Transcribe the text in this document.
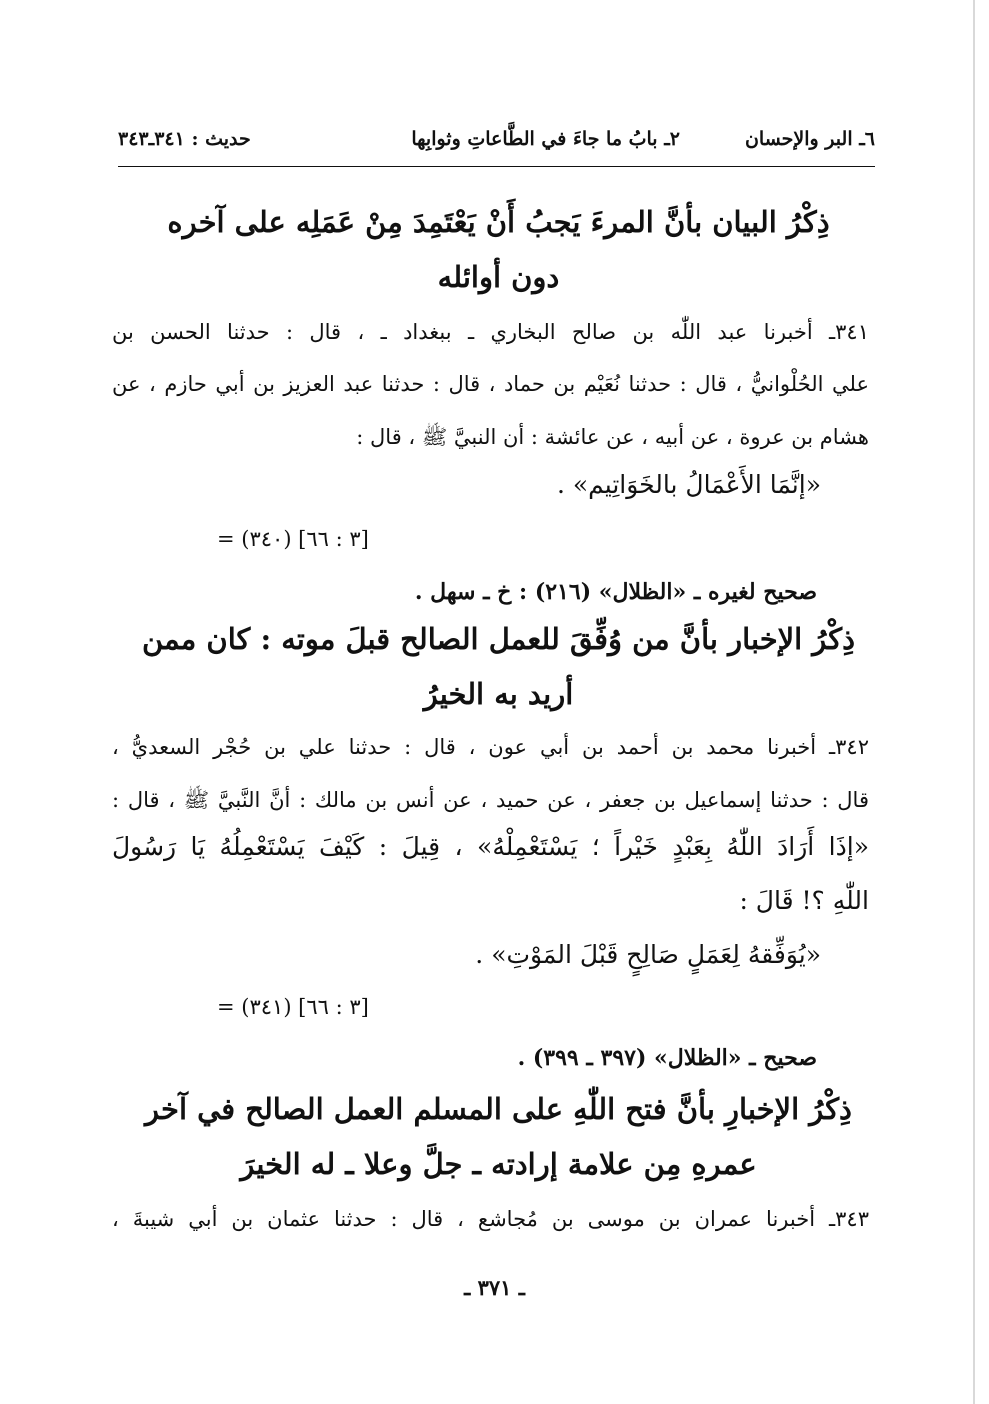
٦ـ البر والإحسان
٢ـ بابُ ما جاءَ في الطَّاعاتِ وثوابِها
حديث : ٣٤١ـ٣٤٣
ذِكْرُ البيان بأنَّ المرءَ يَجبُ أَنْ يَعْتَمِدَ مِنْ عَمَلِه على آخره
دون أوائله
٣٤١ـ أخبرنا عبد اللّٰه بن صالح البخاري ـ ببغداد ـ ، قال : حدثنا الحسن بن
علي الحُلْوانيُّ ، قال : حدثنا نُعَيْم بن حماد ، قال : حدثنا عبد العزيز بن أبي حازم ، عن
هشام بن عروة ، عن أبيه ، عن عائشة : أن النبيَّ ﷺ ، قال :
«إنَّمَا الأَعْمَالُ بالخَوَاتِيم» .
= (٣٤٠) [٣ : ٦٦]
صحيح لغيره ـ «الظلال» (٢١٦) : خ ـ سهل .
ذِكْرُ الإخبار بأنَّ من وُفِّقَ للعمل الصالح قبلَ موته : كان ممن
أريد به الخيرُ
٣٤٢ـ أخبرنا محمد بن أحمد بن أبي عون ، قال : حدثنا علي بن حُجْر السعديُّ ،
قال : حدثنا إسماعيل بن جعفر ، عن حميد ، عن أنس بن مالك : أنَّ النَّبيَّ ﷺ ، قال :
«إذَا أَرَادَ اللّٰهُ بِعَبْدٍ خَيْراً ؛ يَسْتَعْمِلْهُ» ، قِيلَ : كَيْفَ يَسْتَعْمِلُهُ يَا رَسُولَ
اللّٰهِ ؟! قَالَ :
«يُوَفِّقهُ لِعَمَلٍ صَالِحٍ قَبْلَ المَوْتِ» .
= (٣٤١) [٣ : ٦٦]
صحيح ـ «الظلال» (٣٩٧ ـ ٣٩٩) .
ذِكْرُ الإخبارِ بأنَّ فتح اللّٰهِ على المسلم العمل الصالح في آخر
عمرهِ مِن علامة إرادته ـ جلَّ وعلا ـ له الخيرَ
٣٤٣ـ أخبرنا عمران بن موسى بن مُجاشع ، قال : حدثنا عثمان بن أبي شيبةَ ،
ـ ٣٧١ ـ
